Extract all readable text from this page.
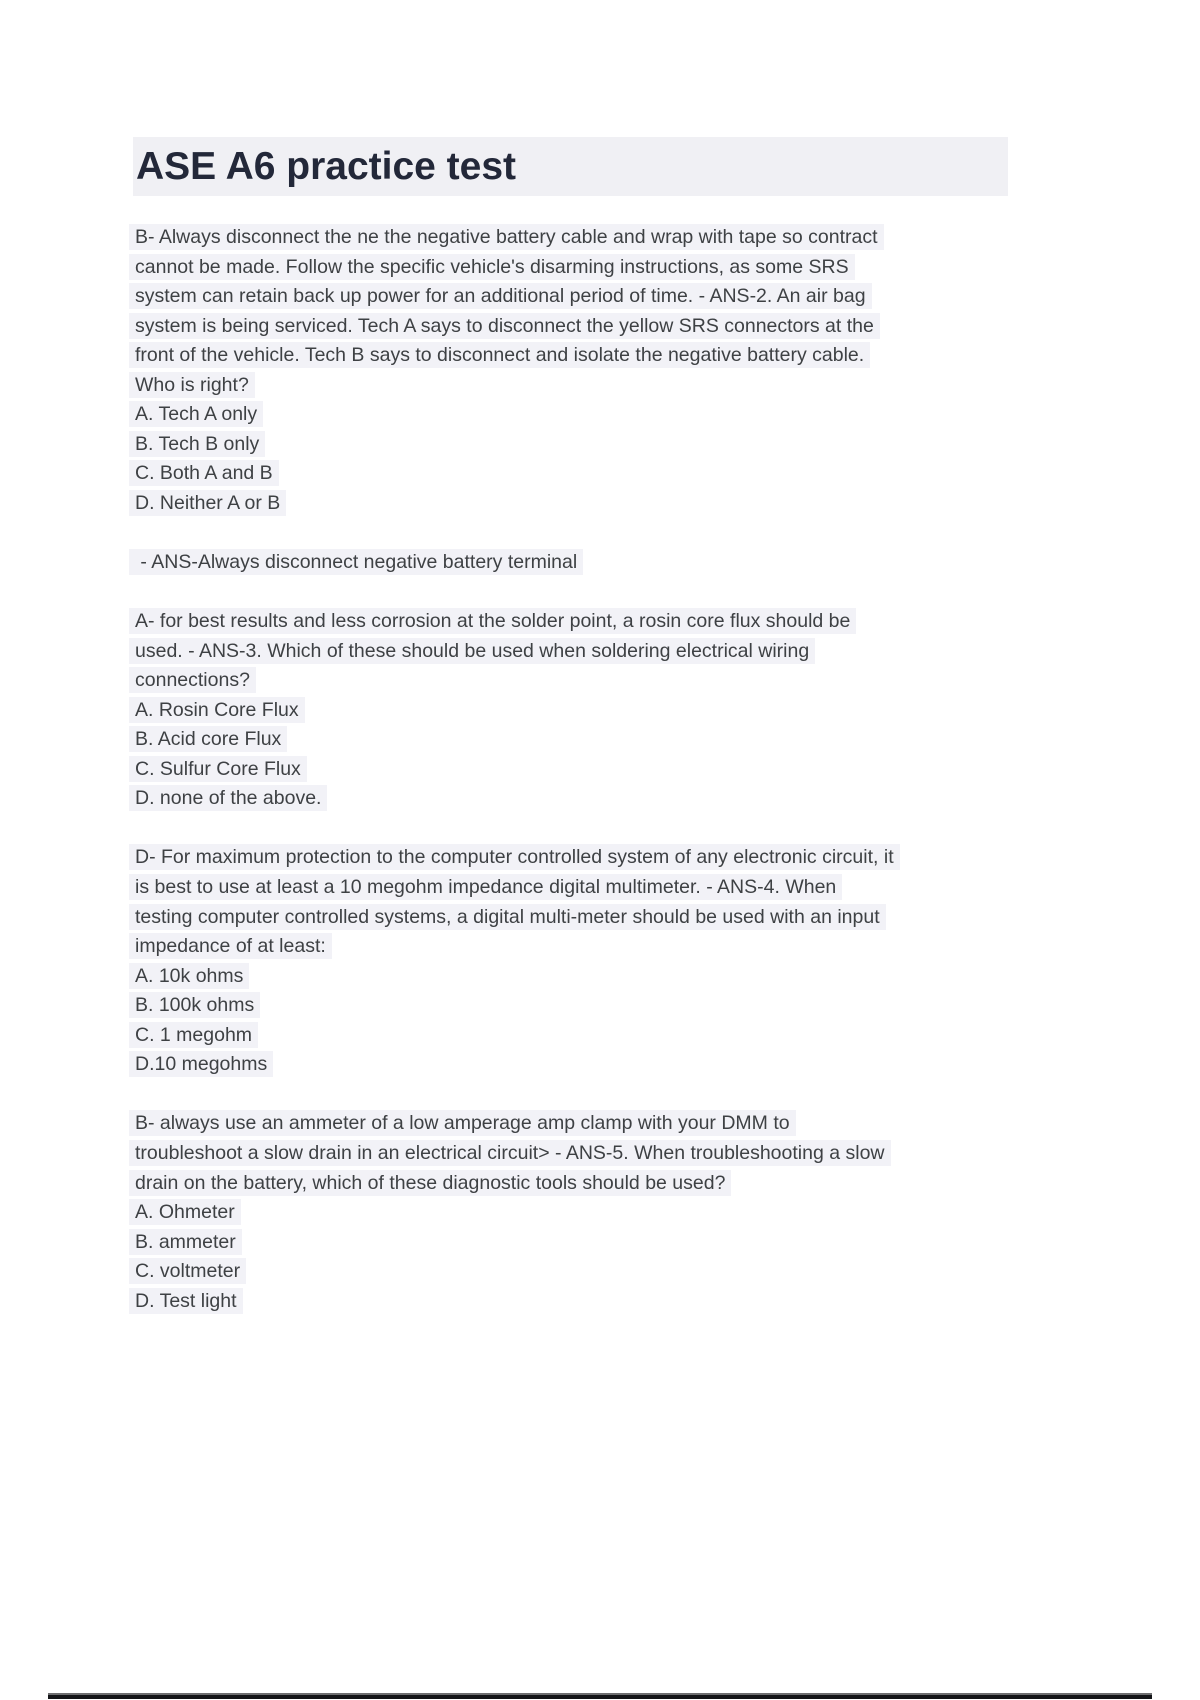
ASE A6 practice test
B- Always disconnect the ne the negative battery cable and wrap with tape so contract
cannot be made. Follow the specific vehicle's disarming instructions, as some SRS
system can retain back up power for an additional period of time. - ANS-2. An air bag
system is being serviced. Tech A says to disconnect the yellow SRS connectors at the
front of the vehicle. Tech B says to disconnect and isolate the negative battery cable.
Who is right?
A. Tech A only
B. Tech B only
C. Both A and B
D. Neither A or B
- ANS-Always disconnect negative battery terminal
A- for best results and less corrosion at the solder point, a rosin core flux should be
used. - ANS-3. Which of these should be used when soldering electrical wiring
connections?
A. Rosin Core Flux
B. Acid core Flux
C. Sulfur Core Flux
D. none of the above.
D- For maximum protection to the computer controlled system of any electronic circuit, it
is best to use at least a 10 megohm impedance digital multimeter. - ANS-4. When
testing computer controlled systems, a digital multi-meter should be used with an input
impedance of at least:
A. 10k ohms
B. 100k ohms
C. 1 megohm
D.10 megohms
B- always use an ammeter of a low amperage amp clamp with your DMM to
troubleshoot a slow drain in an electrical circuit> - ANS-5. When troubleshooting a slow
drain on the battery, which of these diagnostic tools should be used?
A. Ohmeter
B. ammeter
C. voltmeter
D. Test light
